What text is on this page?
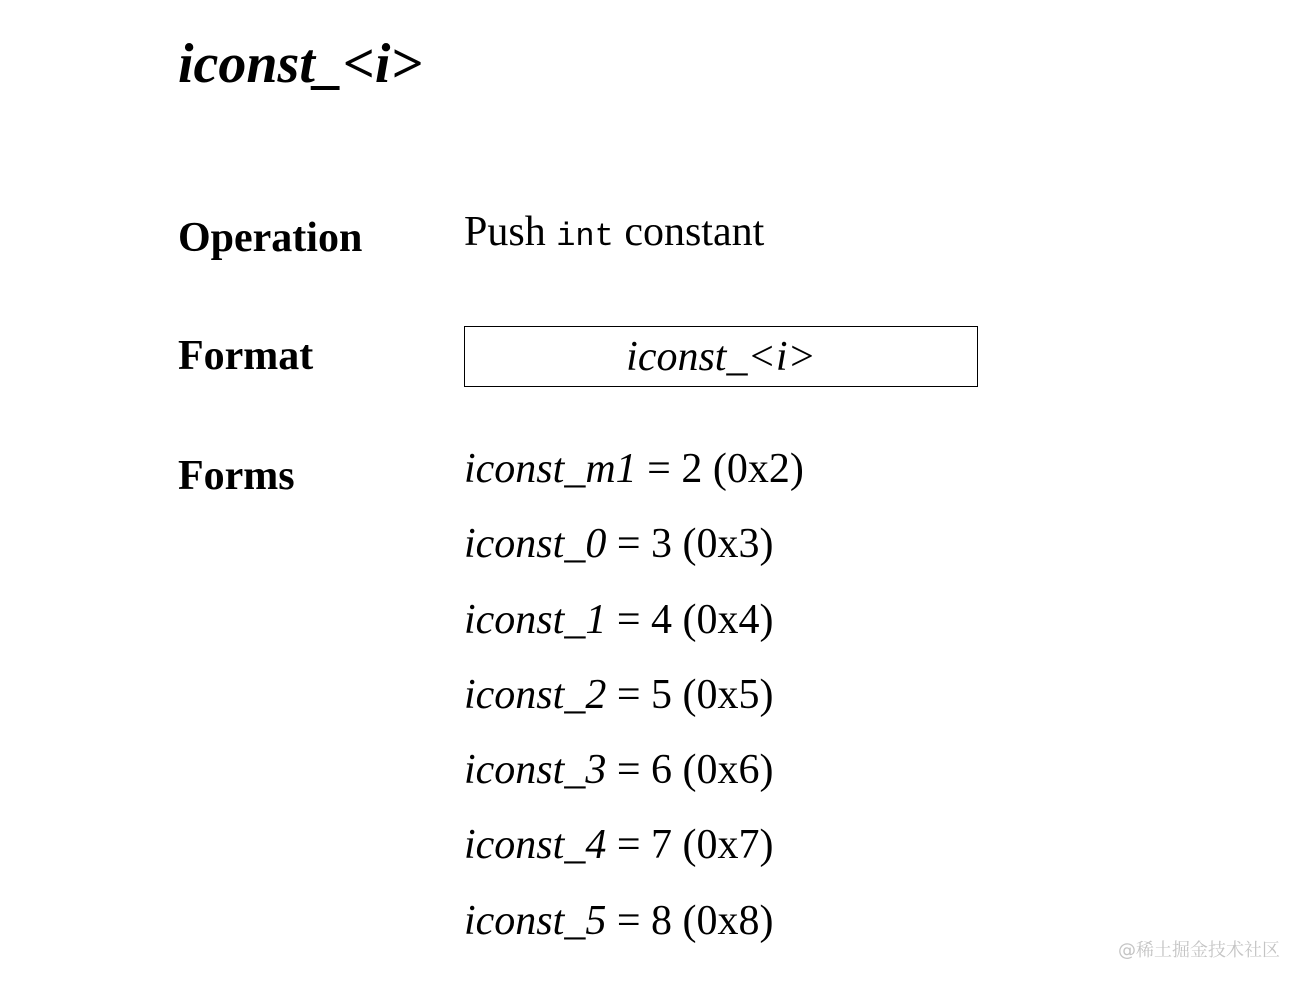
iconst_<i>
Operation Push int constant
Format	iconst_<i>
Forms	iconst_m1 = 2 (0x2)
iconst_0 = 3 (0x3)
iconst_1 = 4 (0x4)
iconst_2 = 5 (0x5)
iconst_3 = 6 (0x6)
iconst_4 = 7 (0x7)
iconst_5 = 8 (0x8)
@稀土掘金技术社区
